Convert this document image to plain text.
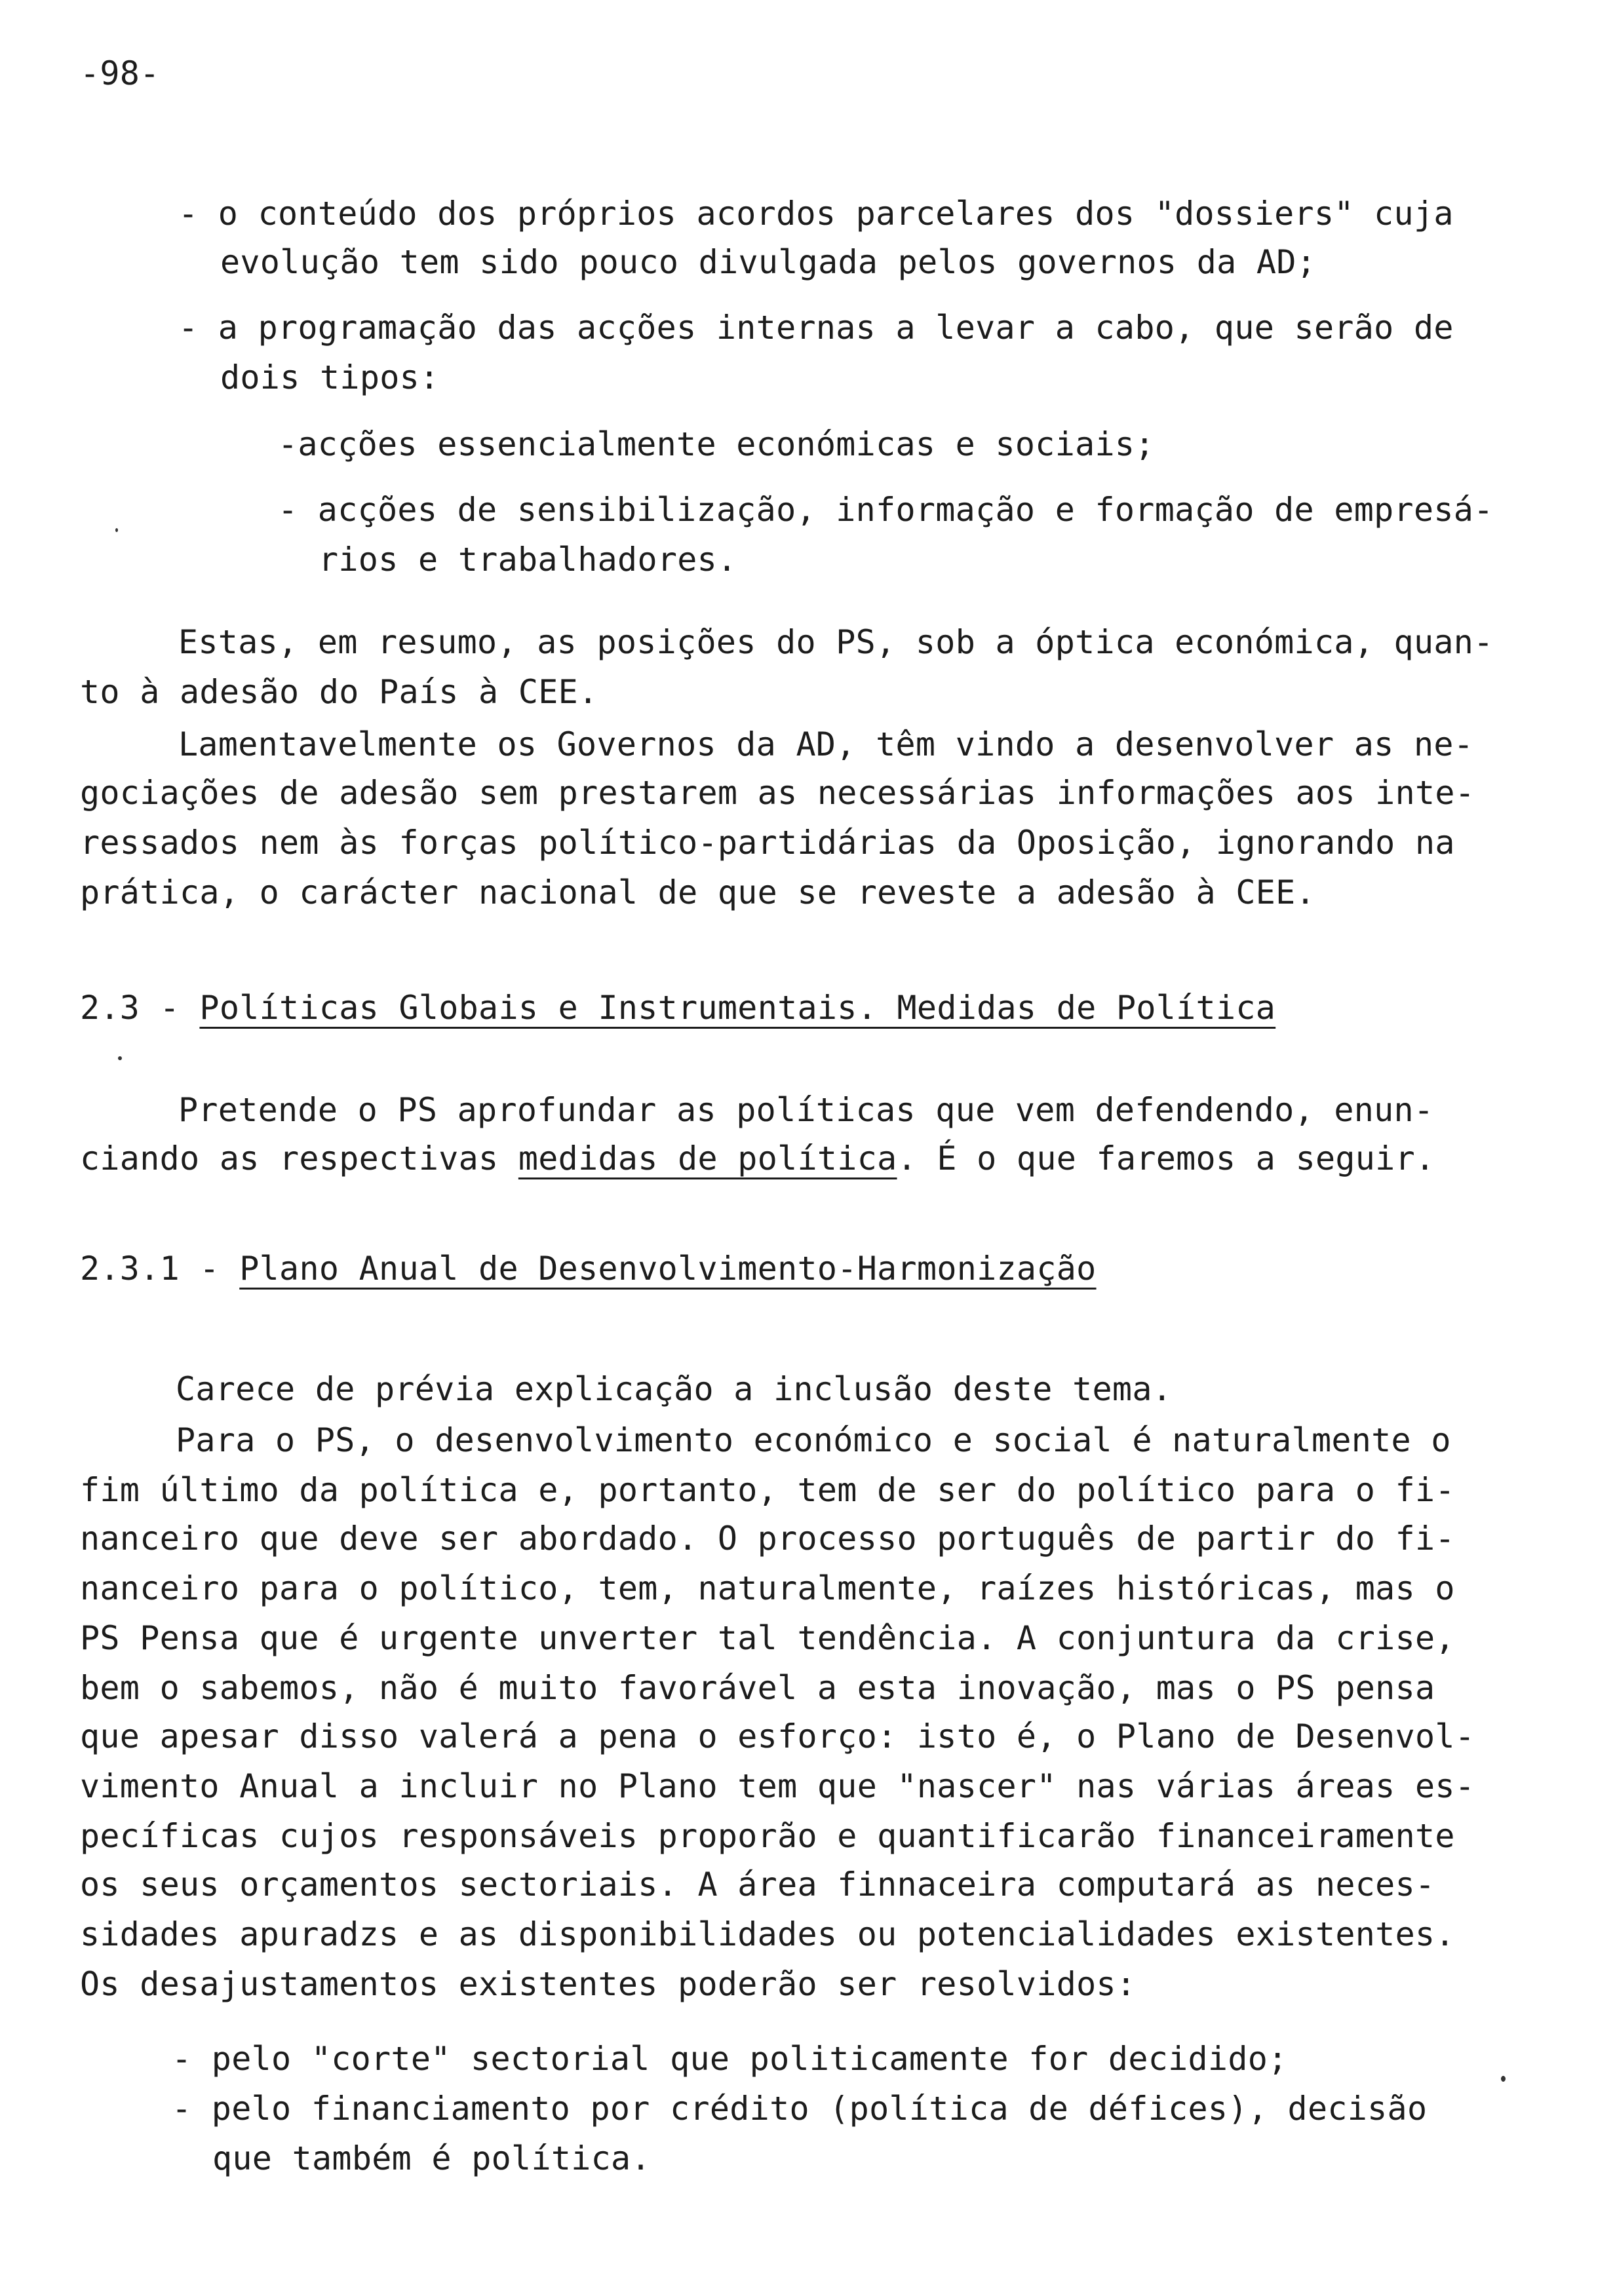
-98-
- o conteúdo dos próprios acordos parcelares dos "dossiers" cuja
evolução tem sido pouco divulgada pelos governos da AD;
- a programação das acções internas a levar a cabo, que serão de
dois tipos:
-acções essencialmente económicas e sociais;
- acções de sensibilização, informação e formação de empresá-
rios e trabalhadores.
Estas, em resumo, as posições do PS, sob a óptica económica, quan-
to à adesão do País à CEE.
Lamentavelmente os Governos da AD, têm vindo a desenvolver as ne-
gociações de adesão sem prestarem as necessárias informações aos inte-
ressados nem às forças político-partidárias da Oposição, ignorando na
prática, o carácter nacional de que se reveste a adesão à CEE.
2.3 - Políticas Globais e Instrumentais. Medidas de Política
Pretende o PS aprofundar as políticas que vem defendendo, enun-
ciando as respectivas medidas de política. É o que faremos a seguir.
2.3.1 - Plano Anual de Desenvolvimento-Harmonização
Carece de prévia explicação a inclusão deste tema.
Para o PS, o desenvolvimento económico e social é naturalmente o
fim último da política e, portanto, tem de ser do político para o fi-
nanceiro que deve ser abordado. O processo português de partir do fi-
nanceiro para o político, tem, naturalmente, raízes históricas, mas o
PS Pensa que é urgente unverter tal tendência. A conjuntura da crise,
bem o sabemos, não é muito favorável a esta inovação, mas o PS pensa
que apesar disso valerá a pena o esforço: isto é, o Plano de Desenvol-
vimento Anual a incluir no Plano tem que "nascer" nas várias áreas es-
pecíficas cujos responsáveis proporão e quantificarão financeiramente
os seus orçamentos sectoriais. A área finnaceira computará as neces-
sidades apuradzs e as disponibilidades ou potencialidades existentes.
Os desajustamentos existentes poderão ser resolvidos:
- pelo "corte" sectorial que politicamente for decidido;
- pelo financiamento por crédito (política de défices), decisão
que também é política.
